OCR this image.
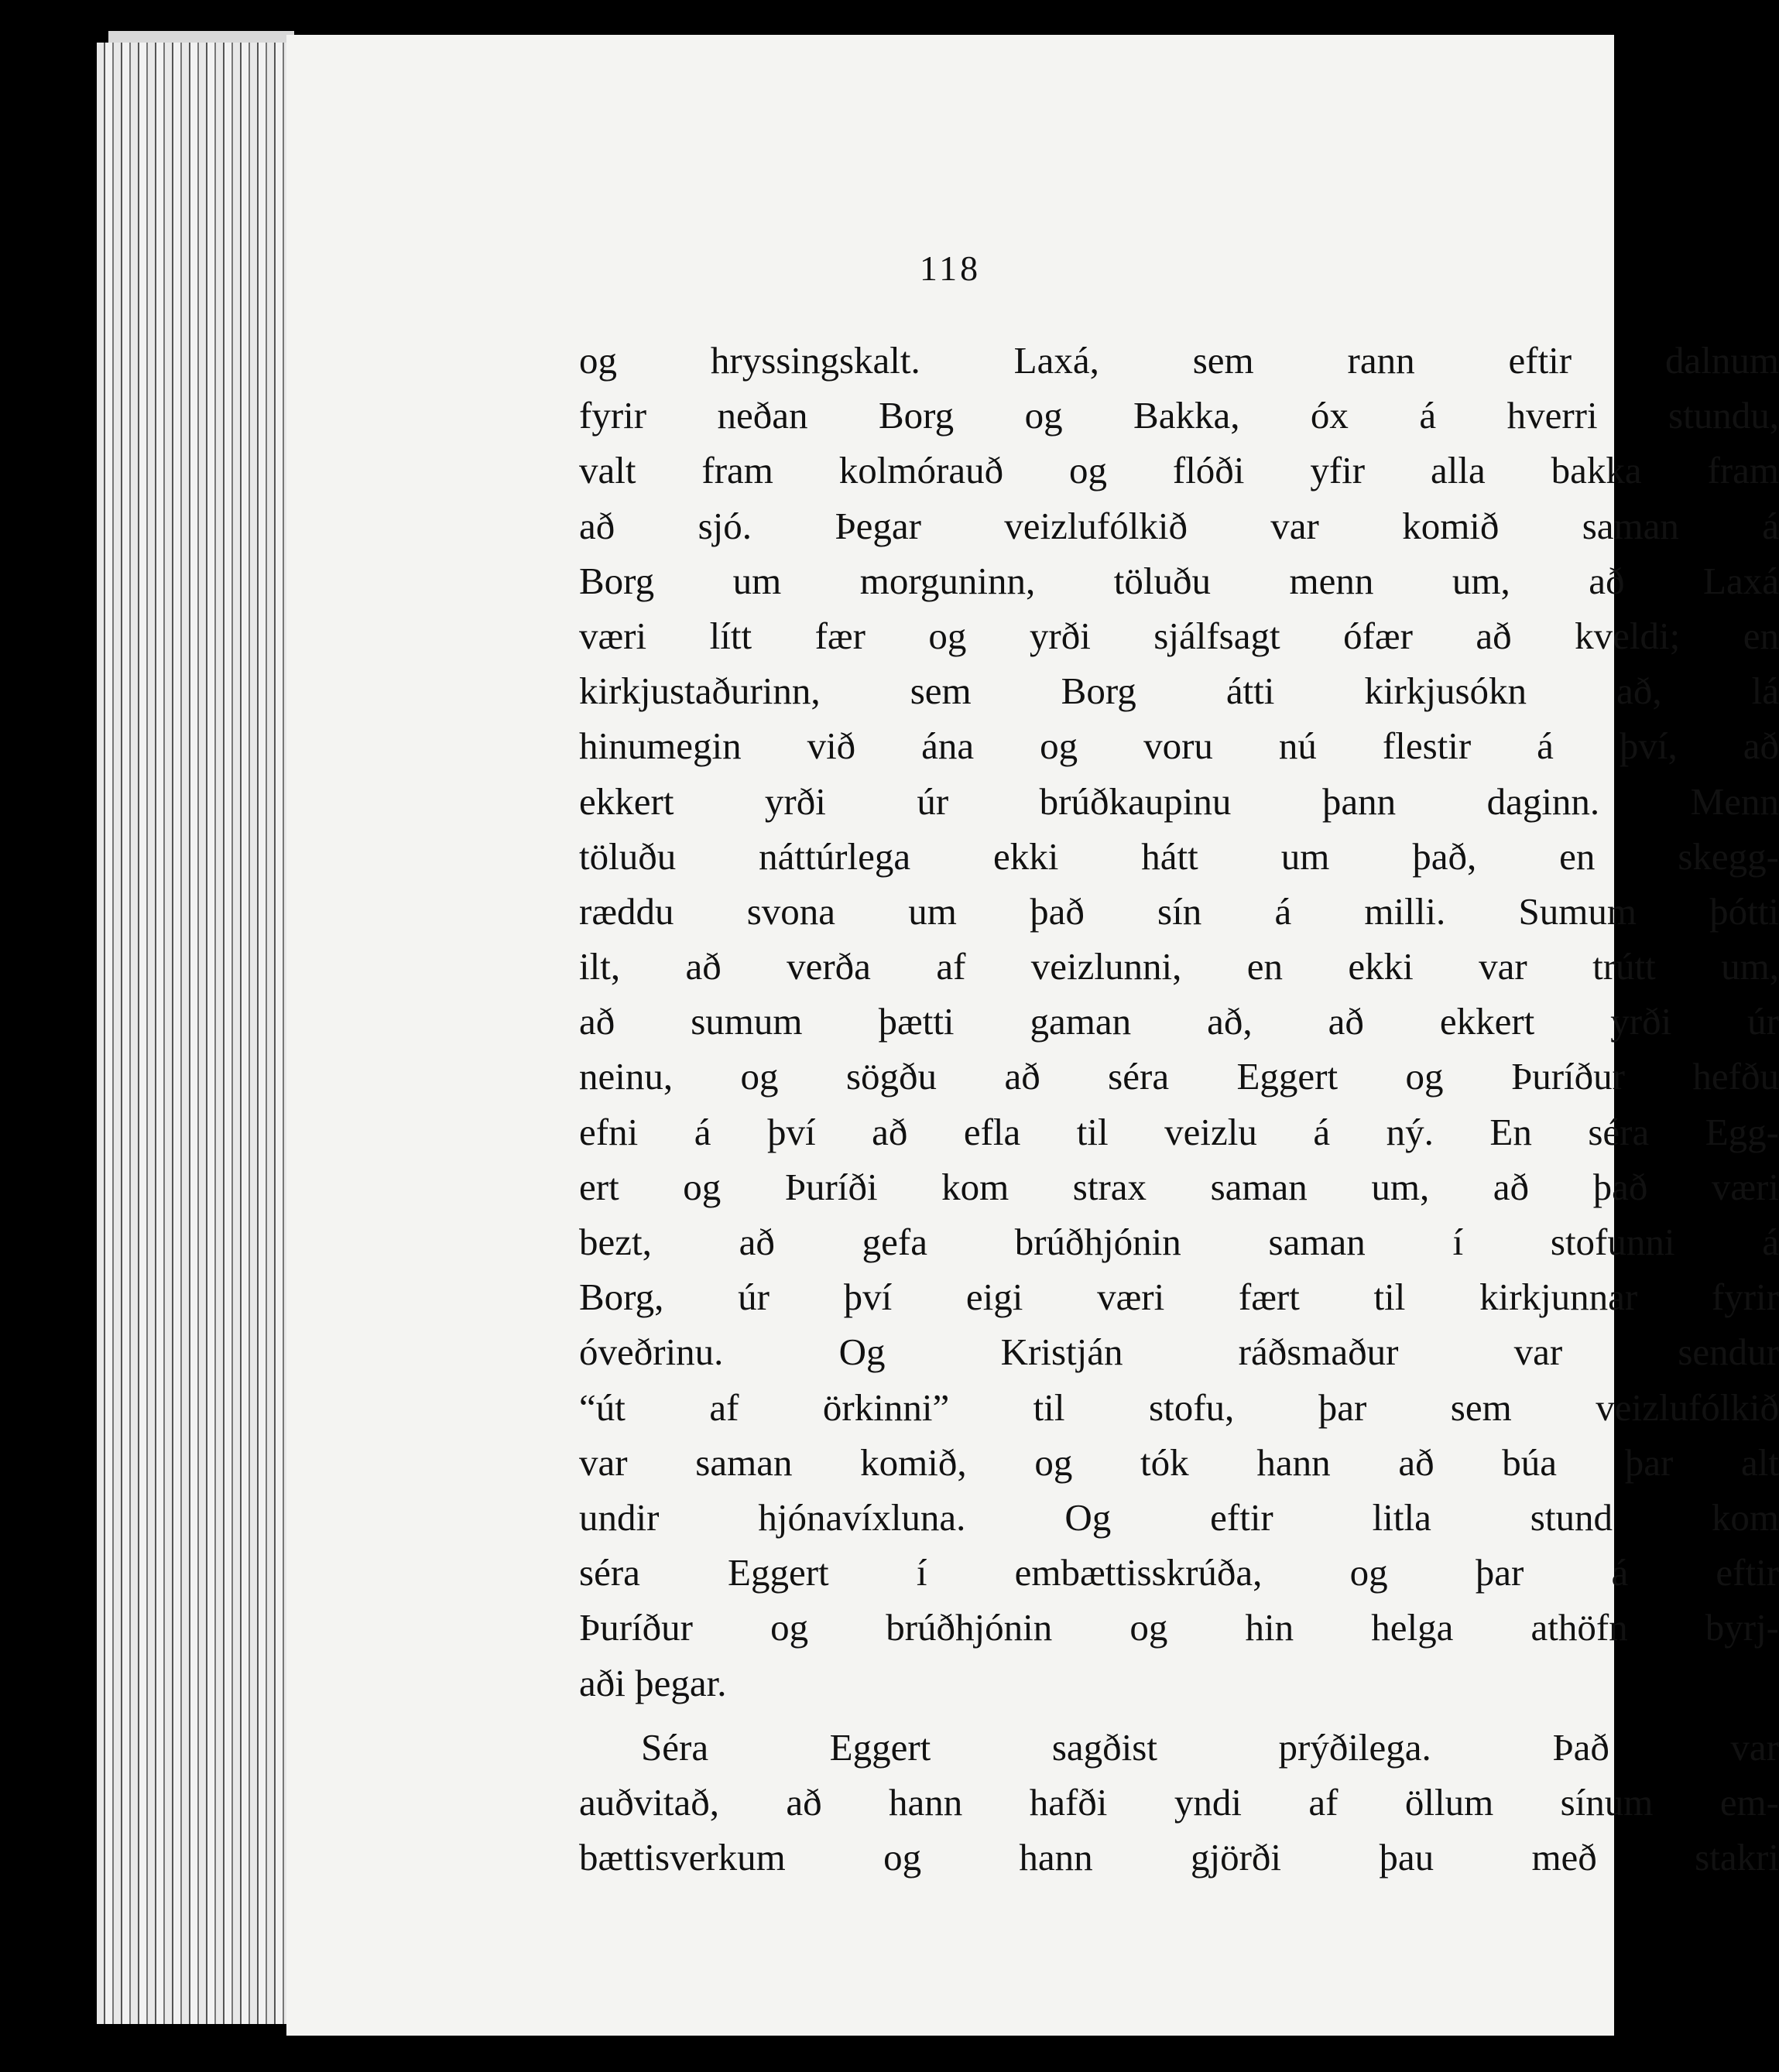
118
og hryssingskalt. Laxá, sem rann eftir dalnum
fyrir neðan Borg og Bakka, óx á hverri stundu,
valt fram kolmórauð og flóði yfir alla bakka fram
að sjó. Þegar veizlufólkið var komið saman á
Borg um morguninn, töluðu menn um, að Laxá
væri lítt fær og yrði sjálfsagt ófær að kveldi; en
kirkjustaðurinn, sem Borg átti kirkjusókn að, lá
hinumegin við ána og voru nú flestir á því, að
ekkert yrði úr brúðkaupinu þann daginn. Menn
töluðu náttúrlega ekki hátt um það, en skegg-
ræddu svona um það sín á milli. Sumum þótti
ilt, að verða af veizlunni, en ekki var trútt um,
að sumum þætti gaman að, að ekkert yrði úr
neinu, og sögðu að séra Eggert og Þuríður hefðu
efni á því að efla til veizlu á ný. En séra Egg-
ert og Þuríði kom strax saman um, að það væri
bezt, að gefa brúðhjónin saman í stofunni á
Borg, úr því eigi væri fært til kirkjunnar fyrir
óveðrinu. Og Kristján ráðsmaður var sendur
“út af örkinni” til stofu, þar sem veizlufólkið
var saman komið, og tók hann að búa þar alt
undir hjónavíxluna. Og eftir litla stund kom
séra Eggert í embættisskrúða, og þar á eftir
Þuríður og brúðhjónin og hin helga athöfn byrj-
aði þegar.
Séra Eggert sagðist prýðilega. Það var
auðvitað, að hann hafði yndi af öllum sínum em-
bættisverkum og hann gjörði þau með stakri
